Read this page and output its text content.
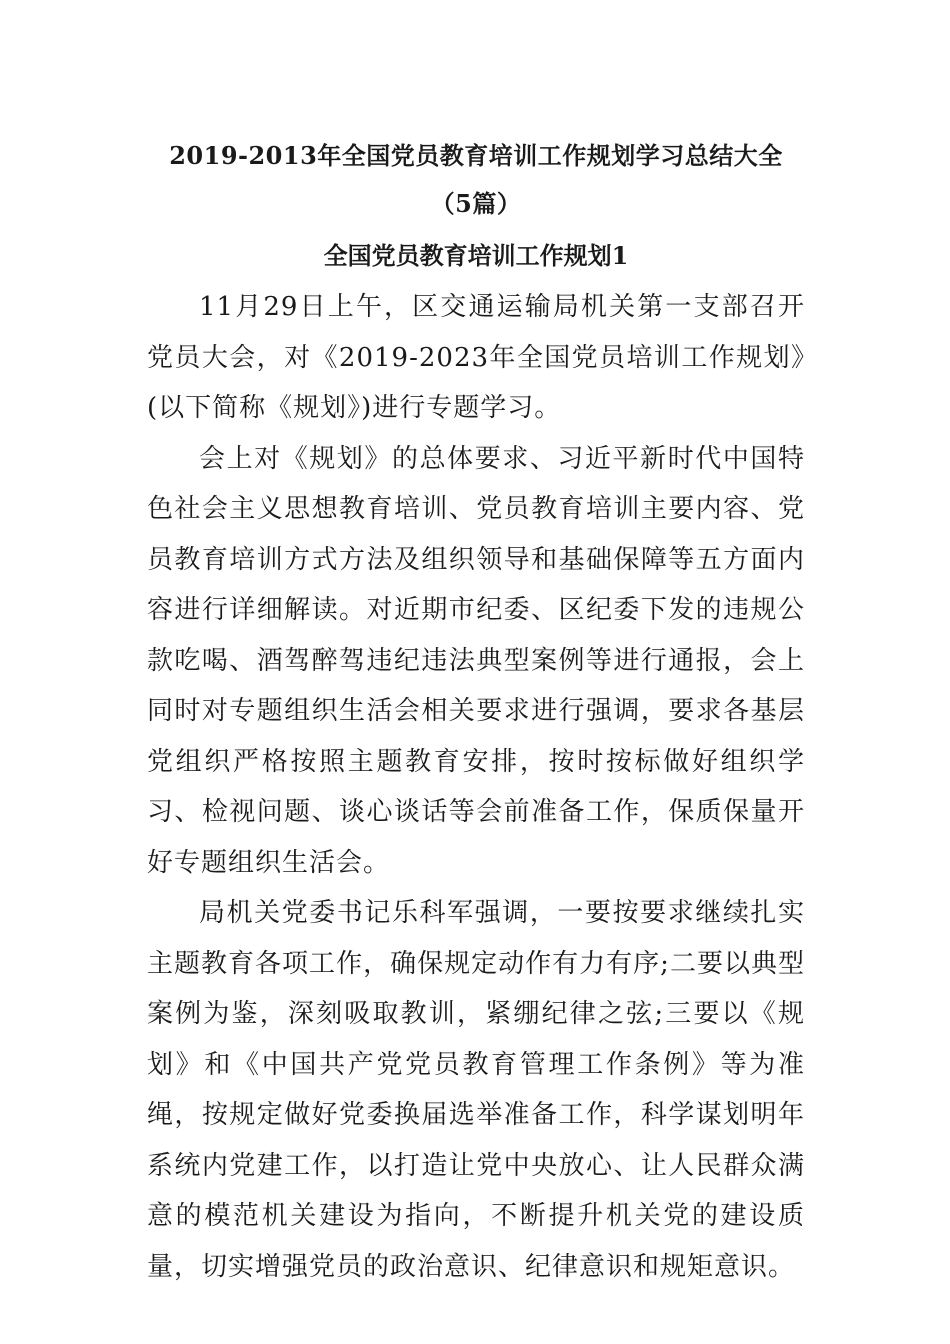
2019-2013年全国党员教育培训工作规划学习总结大全
（5篇）
全国党员教育培训工作规划1

11月29日上午，区交通运输局机关第一支部召开党员大会，对《2019-2023年全国党员培训工作规划》(以下简称《规划》)进行专题学习。

会上对《规划》的总体要求、习近平新时代中国特色社会主义思想教育培训、党员教育培训主要内容、党员教育培训方式方法及组织领导和基础保障等五方面内容进行详细解读。对近期市纪委、区纪委下发的违规公款吃喝、酒驾醉驾违纪违法典型案例等进行通报，会上同时对专题组织生活会相关要求进行强调，要求各基层党组织严格按照主题教育安排，按时按标做好组织学习、检视问题、谈心谈话等会前准备工作，保质保量开好专题组织生活会。

局机关党委书记乐科军强调，一要按要求继续扎实主题教育各项工作，确保规定动作有力有序;二要以典型案例为鉴，深刻吸取教训，紧绷纪律之弦;三要以《规划》和《中国共产党党员教育管理工作条例》等为准绳，按规定做好党委换届选举准备工作，科学谋划明年系统内党建工作，以打造让党中央放心、让人民群众满意的模范机关建设为指向，不断提升机关党的建设质量，切实增强党员的政治意识、纪律意识和规矩意识。
